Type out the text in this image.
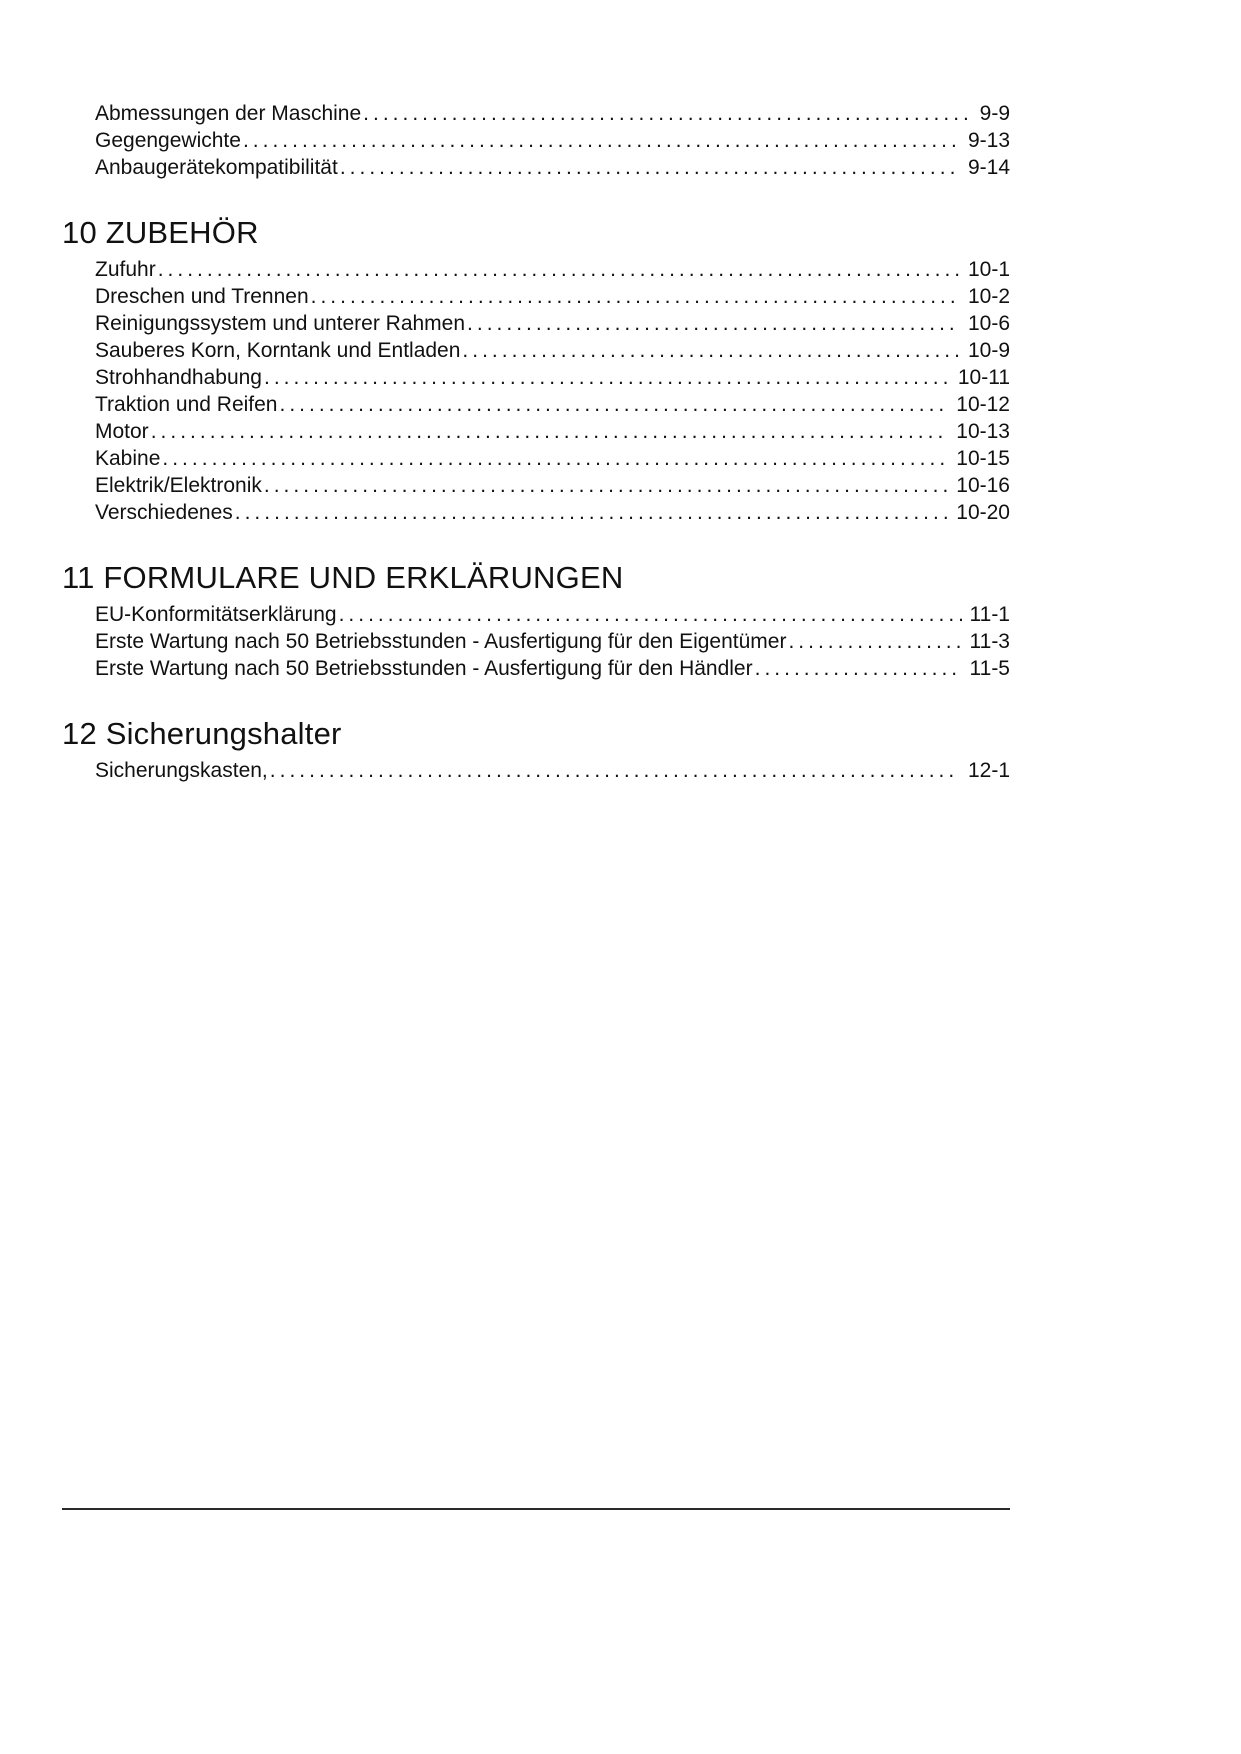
Abmessungen der Maschine .....	9-9
Gegengewichte .....	9-13
Anbaugerätekompatibilität .....	9-14
10 ZUBEHÖR
Zufuhr .....	10-1
Dreschen und Trennen .....	10-2
Reinigungssystem und unterer Rahmen .....	10-6
Sauberes Korn, Korntank und Entladen .....	10-9
Strohhandhabung .....	10-11
Traktion und Reifen .....	10-12
Motor .....	10-13
Kabine .....	10-15
Elektrik/Elektronik .....	10-16
Verschiedenes .....	10-20
11 FORMULARE UND ERKLÄRUNGEN
EU-Konformitätserklärung .....	11-1
Erste Wartung nach 50 Betriebsstunden - Ausfertigung für den Eigentümer .....	11-3
Erste Wartung nach 50 Betriebsstunden - Ausfertigung für den Händler .....	11-5
12 Sicherungshalter
Sicherungskasten, .....	12-1
